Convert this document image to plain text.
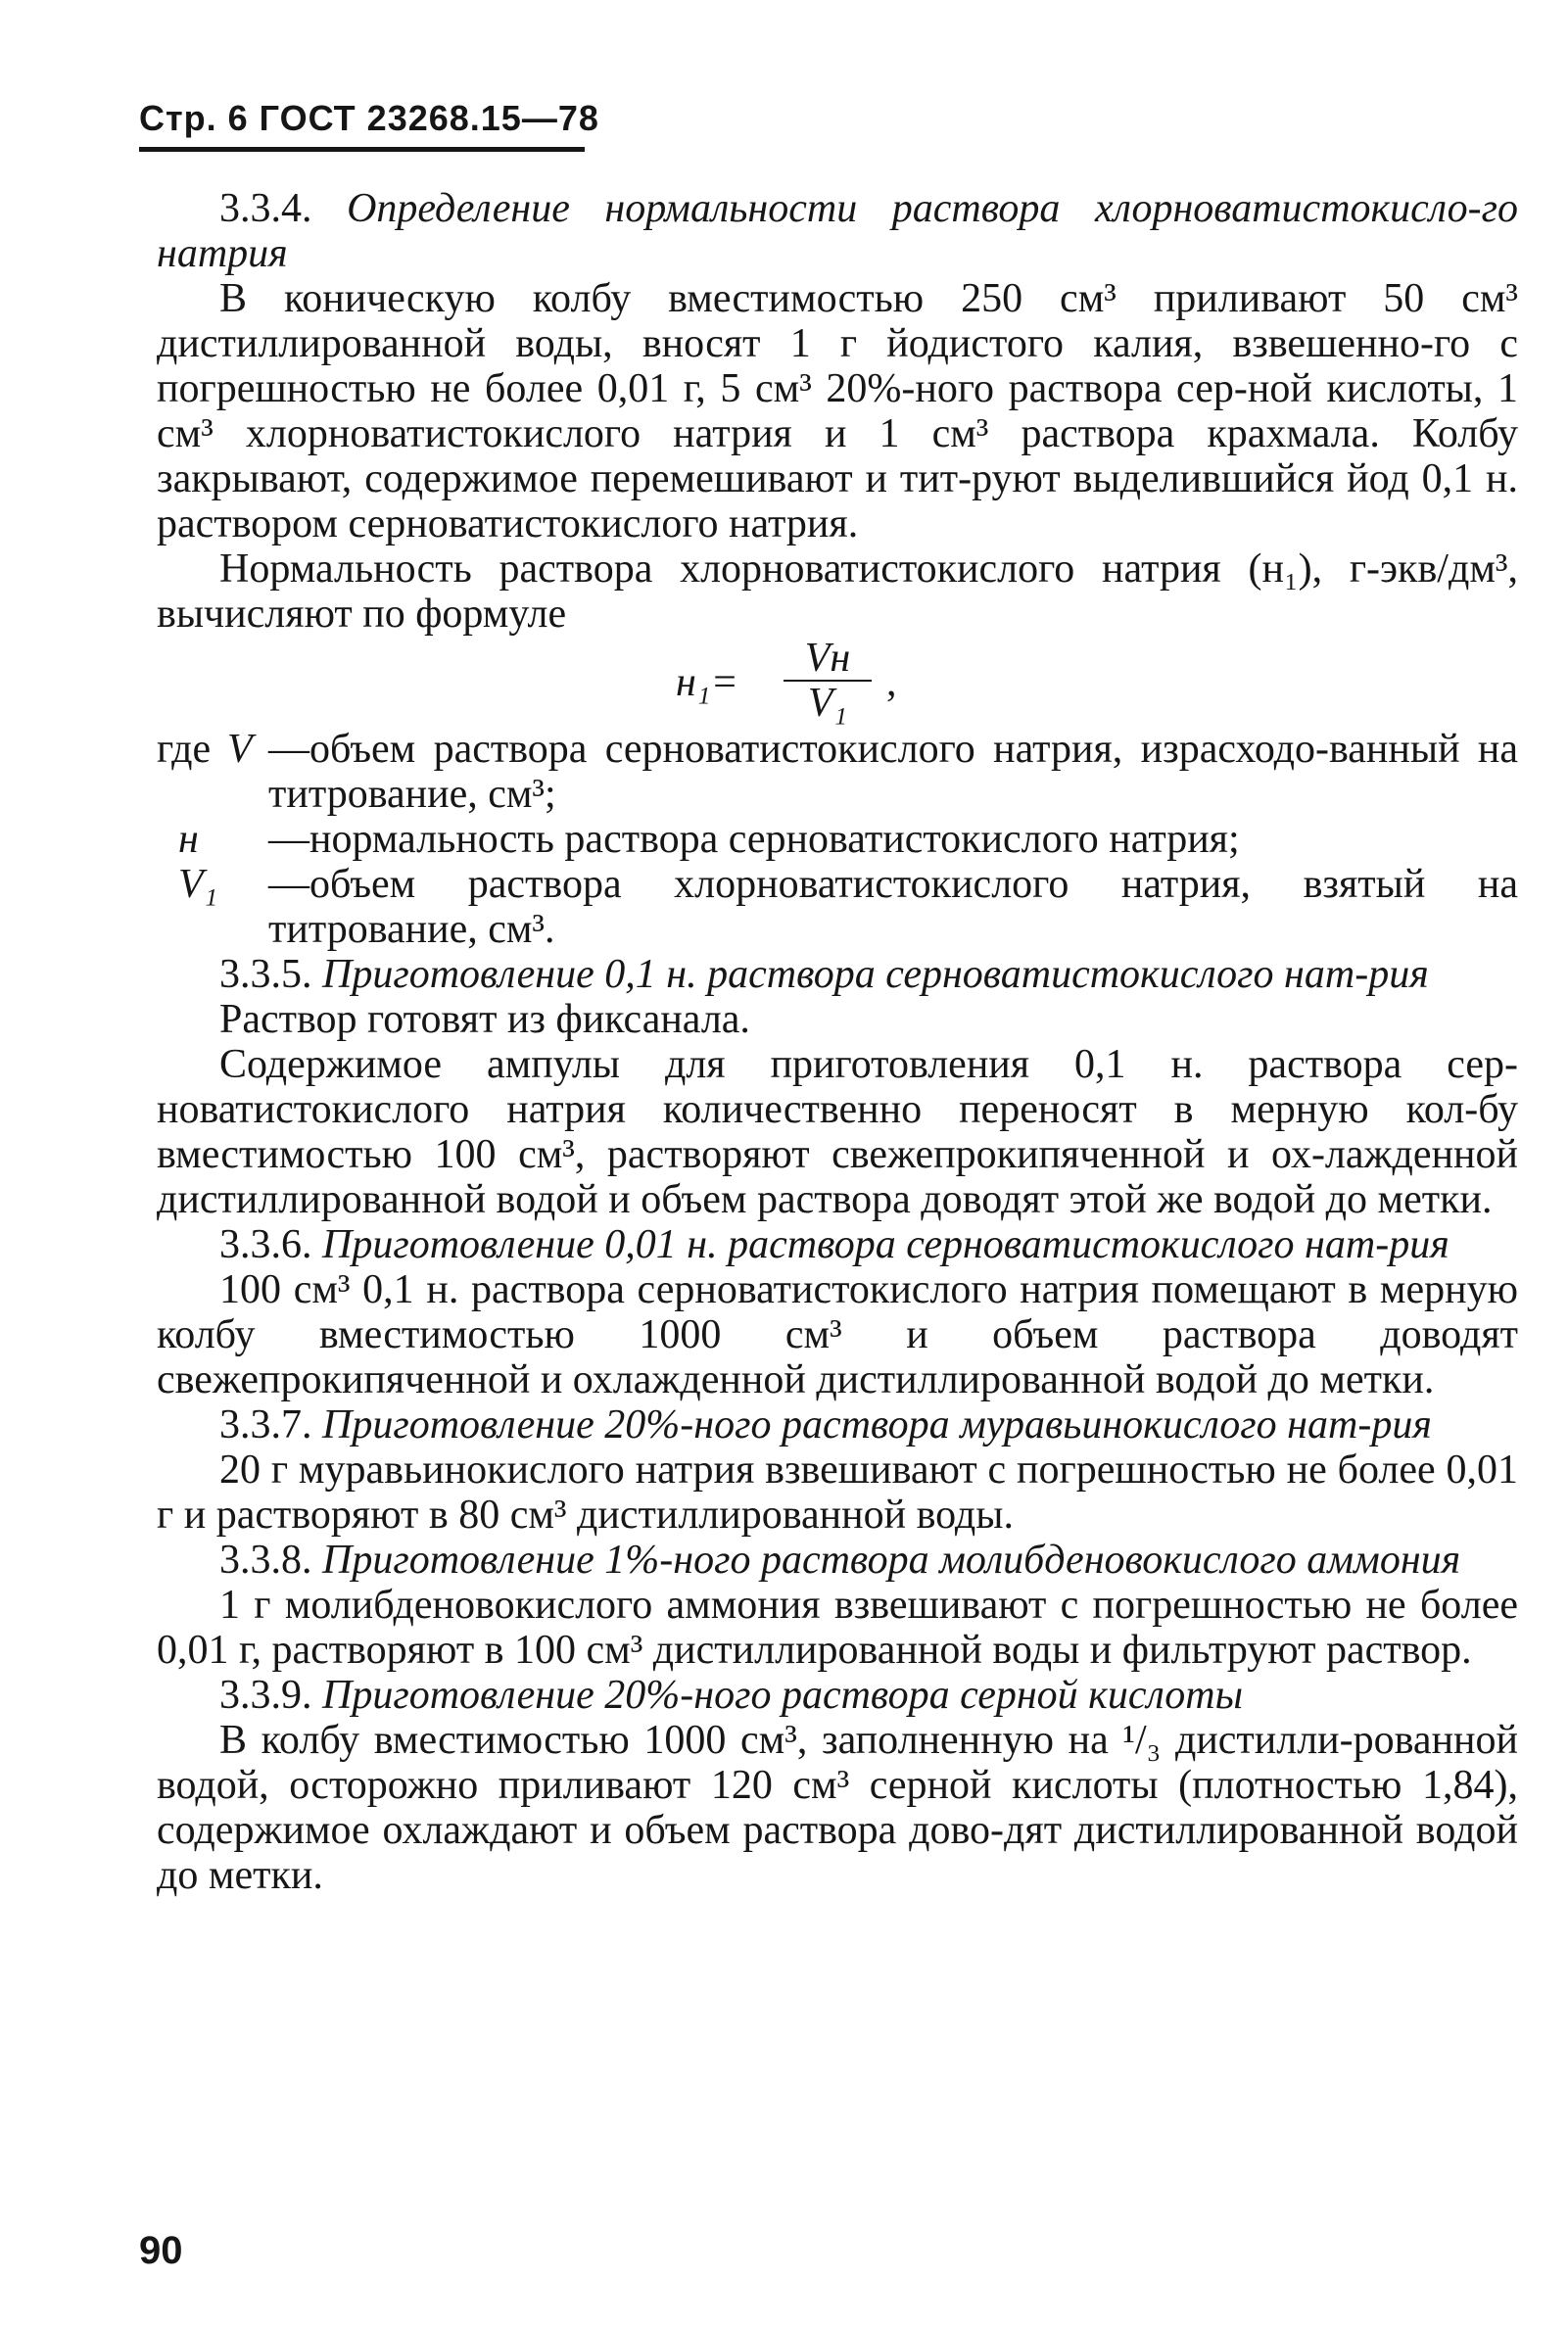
Стр. 6 ГОСТ 23268.15—78

3.3.4. Определение нормальности раствора хлорноватистокисло-го натрия

В коническую колбу вместимостью 250 см³ приливают 50 см³ дистиллированной воды, вносят 1 г йодистого калия, взвешенно-го с погрешностью не более 0,01 г, 5 см³ 20%-ного раствора сер-ной кислоты, 1 см³ хлорноватистокислого натрия и 1 см³ раствора крахмала. Колбу закрывают, содержимое перемешивают и тит-руют выделившийся йод 0,1 н. раствором серноватистокислого натрия.

Нормальность раствора хлорноватистокислого натрия (н₁), г-экв/дм³, вычисляют по формуле

н₁=
Vн
V₁ ,
где V —объем раствора серноватистокислого натрия, израсходо-ванный на титрование, см³;
н	—нормальность раствора серноватистокислого натрия;
V₁	—объем раствора хлорноватистокислого натрия, взятый на титрование, см³.

3.3.5. Приготовление 0,1 н. раствора серноватистокислого нат-рия

Раствор готовят из фиксанала.

Содержимое ампулы для приготовления 0,1 н. раствора сер-новатистокислого натрия количественно переносят в мерную кол-бу вместимостью 100 см³, растворяют свежепрокипяченной и ох-лажденной дистиллированной водой и объем раствора доводят этой же водой до метки.

3.3.6. Приготовление 0,01 н. раствора серноватистокислого нат-рия

100 см³ 0,1 н. раствора серноватистокислого натрия помещают в мерную колбу вместимостью 1000 см³ и объем раствора доводят свежепрокипяченной и охлажденной дистиллированной водой до метки.

3.3.7. Приготовление 20%-ного раствора муравьинокислого нат-рия

20 г муравьинокислого натрия взвешивают с погрешностью не более 0,01 г и растворяют в 80 см³ дистиллированной воды.

3.3.8. Приготовление 1%-ного раствора молибденовокислого аммония

1 г молибденовокислого аммония взвешивают с погрешностью не более 0,01 г, растворяют в 100 см³ дистиллированной воды и фильтруют раствор.

3.3.9. Приготовление 20%-ного раствора серной кислоты

В колбу вместимостью 1000 см³, заполненную на ¹/₃ дистилли-рованной водой, осторожно приливают 120 см³ серной кислоты (плотностью 1,84), содержимое охлаждают и объем раствора дово-дят дистиллированной водой до метки.

90
